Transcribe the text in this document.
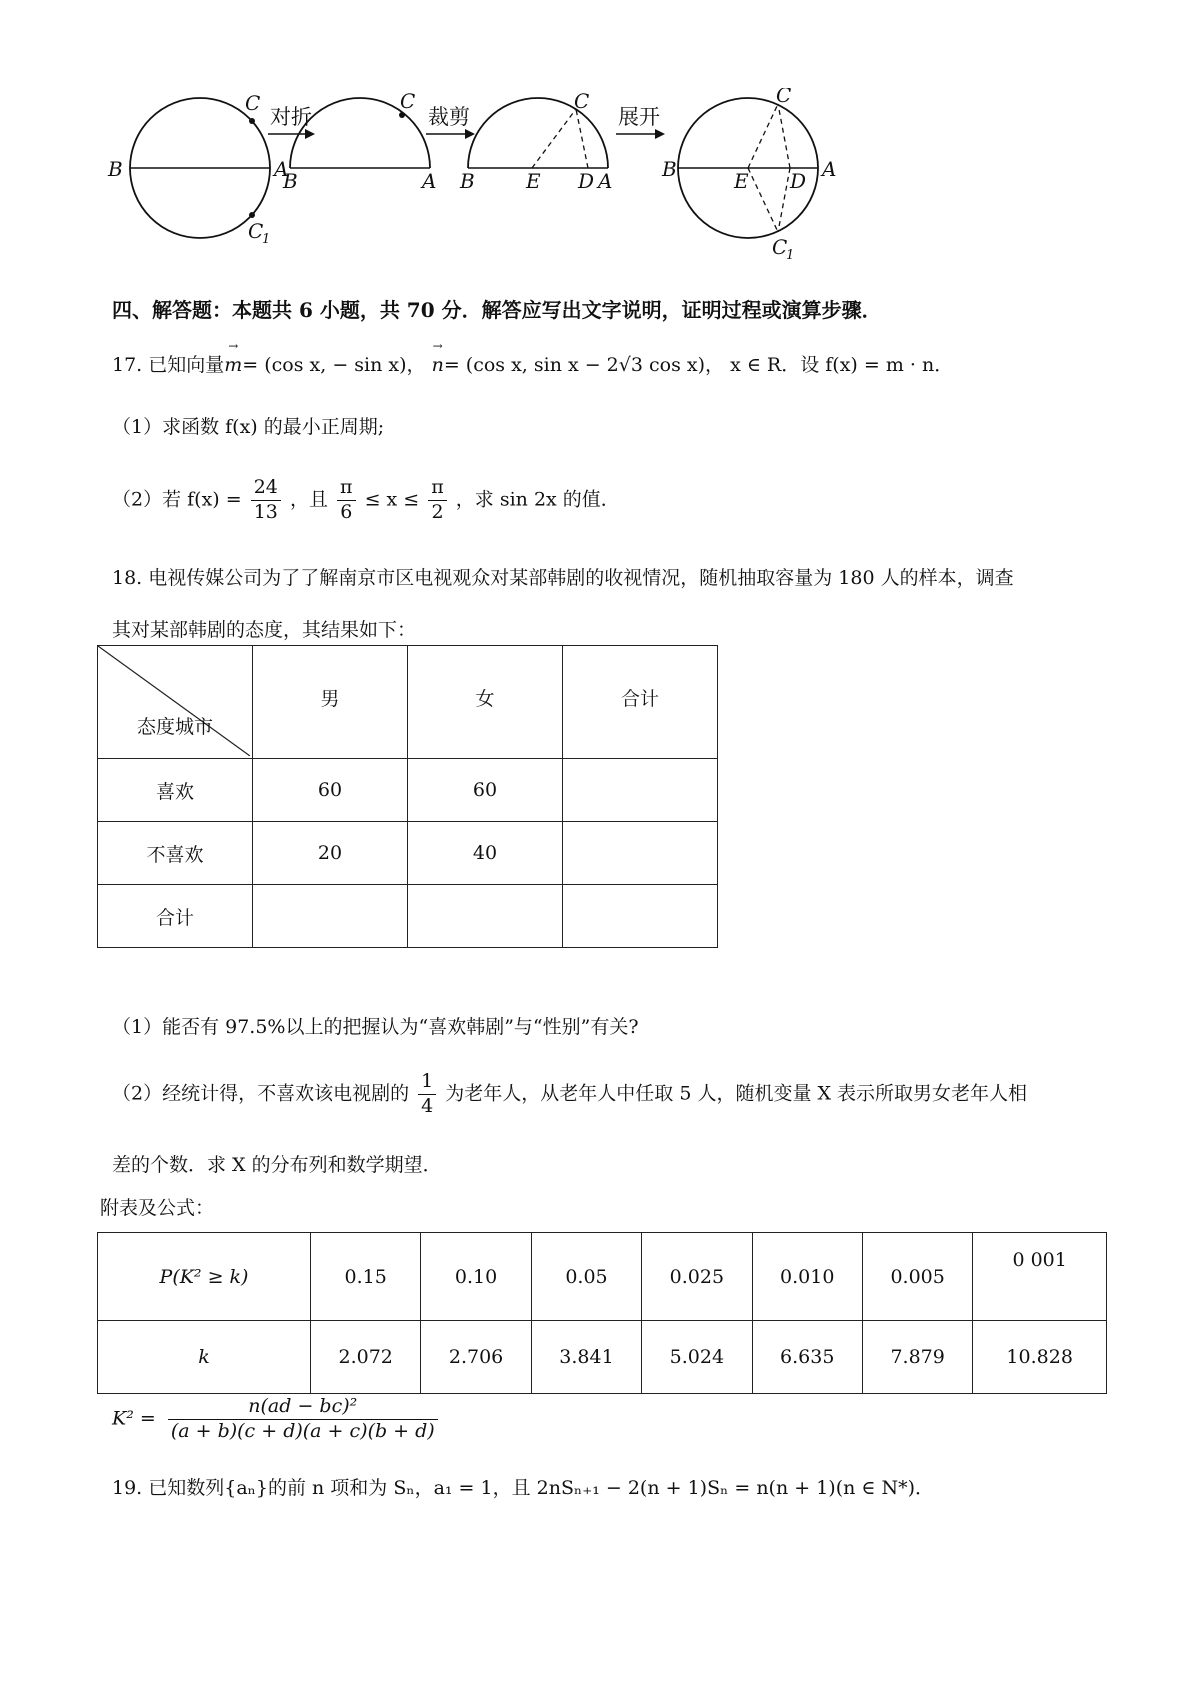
B	A
C
C
1
对折
B	A
C
裁剪
B	E D A
C
展开
B	E D A
C
C
1
四、解答题：本题共 6 小题，共 70 分．解答应写出文字说明，证明过程或演算步骤．
17. 已知向量→ m= (cos x, − sin x)， → n= (cos x, sin x − 2√3 cos x)， x ∈ R．设 f(x) = m · n．
（1）求函数 f(x) 的最小正周期;
（2）若 $f(x) = \frac{24}{13}$ ，且 $\frac{\pi}{6} \le x \le \frac{\pi}{2}$ ，求 sin 2x 的值．
18. 电视传媒公司为了了解南京市区电视观众对某部韩剧的收视情况，随机抽取容量为 180 人的样本，调查
其对某部韩剧的态度，其结果如下：
态度城市	男	女	合计
喜欢	60	60	
不喜欢	20	40	
合计			
（1）能否有 97.5%以上的把握认为“喜欢韩剧”与“性别”有关?
（2）经统计得，不喜欢该电视剧的 $\frac{1}{4}$ 为老年人，从老年人中任取 5 人，随机变量 X 表示所取男女老年人相
差的个数．求 X 的分布列和数学期望．
附表及公式：
P(K² ≥ k)	0.15	0.10	0.05	0.025	0.010	0.005	0 001
k	2.072	2.706	3.841	5.024	6.635	7.879	10.828
$K^2 = \frac{\text{n(ad − bc)²}}{(a + b)(c + d)(a + c)(b + d)}$
19. 已知数列{aₙ}的前 n 项和为 Sₙ，a₁ = 1，且 2nSₙ₊₁ − 2(n + 1)Sₙ = n(n + 1)(n ∈ N*)．
